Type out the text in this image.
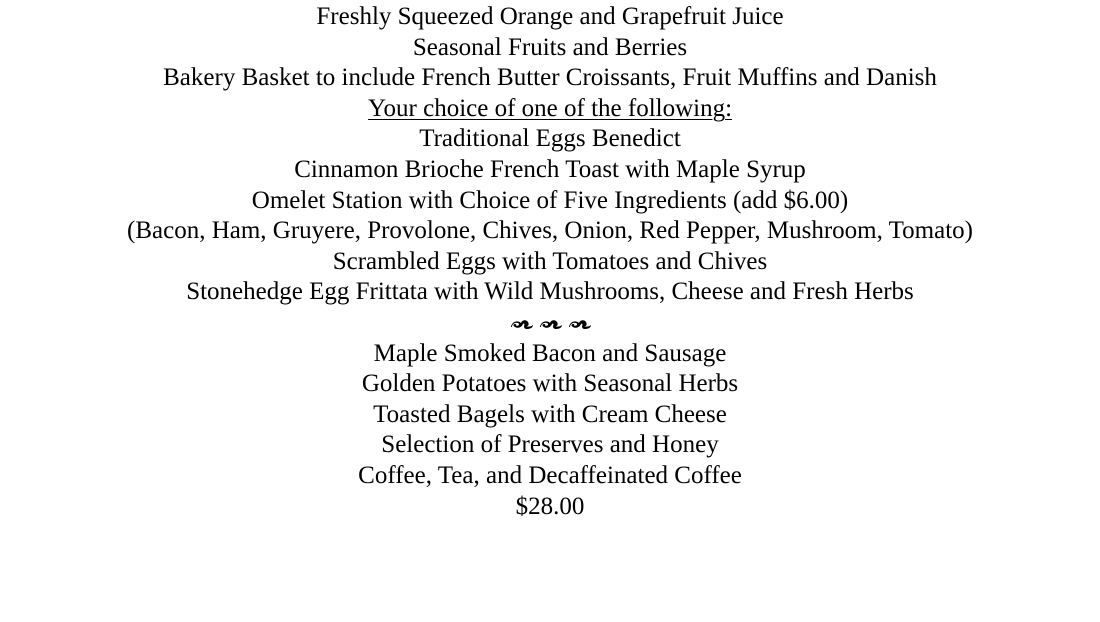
Freshly Squeezed Orange and Grapefruit Juice
Seasonal Fruits and Berries
Bakery Basket to include French Butter Croissants, Fruit Muffins and Danish
Your choice of one of the following:
Traditional Eggs Benedict
Cinnamon Brioche French Toast with Maple Syrup
Omelet Station with Choice of Five Ingredients (add $6.00)
(Bacon, Ham, Gruyere, Provolone, Chives, Onion, Red Pepper, Mushroom, Tomato)
Scrambled Eggs with Tomatoes and Chives
Stonehedge Egg Frittata with Wild Mushrooms, Cheese and Fresh Herbs
Maple Smoked Bacon and Sausage
Golden Potatoes with Seasonal Herbs
Toasted Bagels with Cream Cheese
Selection of Preserves and Honey
Coffee, Tea, and Decaffeinated Coffee
$28.00
